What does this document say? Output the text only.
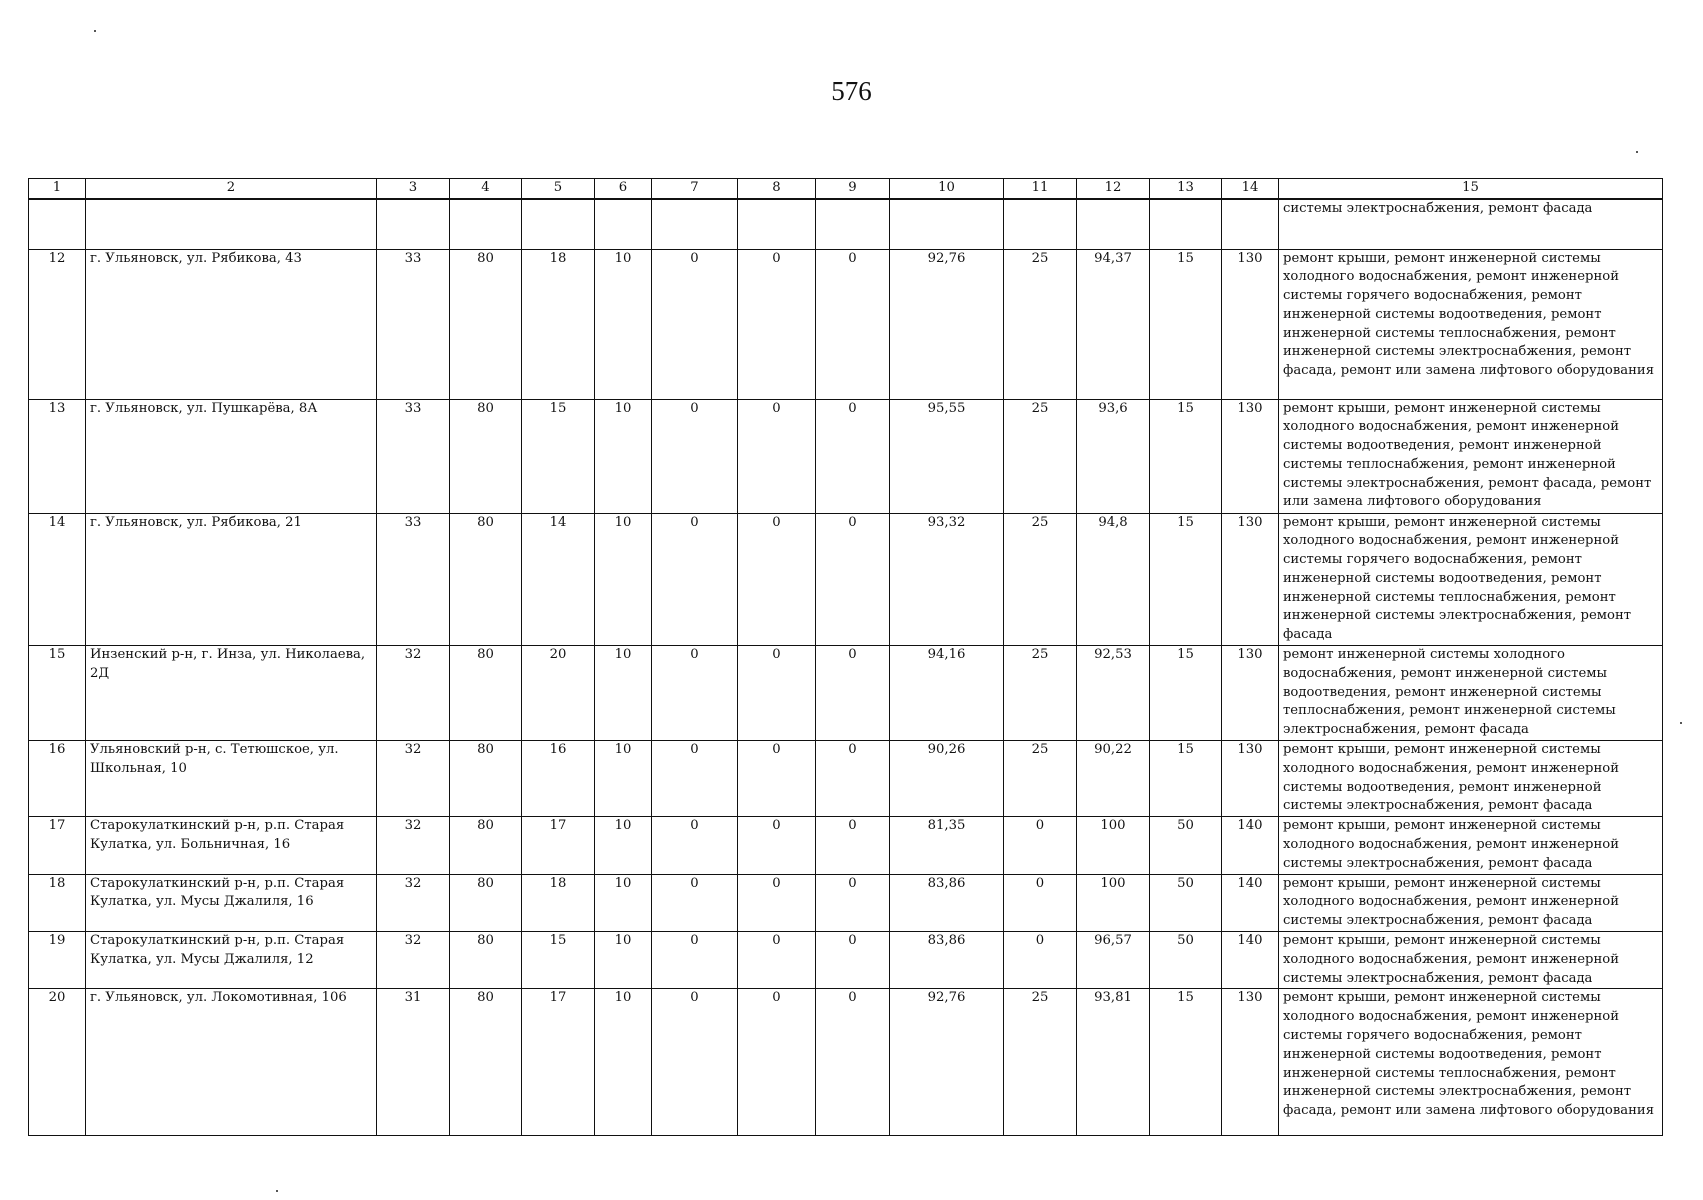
576
1	2	3	4	5	6	7	8	9	10	11	12	13	14	15
														системы электроснабжения, ремонт фасада
12	г. Ульяновск, ул. Рябикова, 43	33	80	18	10	0	0	0	92,76	25	94,37	15	130	ремонт крыши, ремонт инженерной системы холодного водоснабжения, ремонт инженерной системы горячего водоснабжения, ремонт инженерной системы водоотведения, ремонт инженерной системы теплоснабжения, ремонт инженерной системы электроснабжения, ремонт фасада, ремонт или замена лифтового оборудования
13	г. Ульяновск, ул. Пушкарёва, 8А	33	80	15	10	0	0	0	95,55	25	93,6	15	130	ремонт крыши, ремонт инженерной системы холодного водоснабжения, ремонт инженерной системы водоотведения, ремонт инженерной системы теплоснабжения, ремонт инженерной системы электроснабжения, ремонт фасада, ремонт или замена лифтового оборудования
14	г. Ульяновск, ул. Рябикова, 21	33	80	14	10	0	0	0	93,32	25	94,8	15	130	ремонт крыши, ремонт инженерной системы холодного водоснабжения, ремонт инженерной системы горячего водоснабжения, ремонт инженерной системы водоотведения, ремонт инженерной системы теплоснабжения, ремонт инженерной системы электроснабжения, ремонт фасада
15	Инзенский р-н, г. Инза, ул. Николаева, 2Д	32	80	20	10	0	0	0	94,16	25	92,53	15	130	ремонт инженерной системы холодного водоснабжения, ремонт инженерной системы водоотведения, ремонт инженерной системы теплоснабжения, ремонт инженерной системы электроснабжения, ремонт фасада
16	Ульяновский р-н, с. Тетюшское, ул. Школьная, 10	32	80	16	10	0	0	0	90,26	25	90,22	15	130	ремонт крыши, ремонт инженерной системы холодного водоснабжения, ремонт инженерной системы водоотведения, ремонт инженерной системы электроснабжения, ремонт фасада
17	Старокулаткинский р-н, р.п. Старая Кулатка, ул. Больничная, 16	32	80	17	10	0	0	0	81,35	0	100	50	140	ремонт крыши, ремонт инженерной системы холодного водоснабжения, ремонт инженерной системы электроснабжения, ремонт фасада
18	Старокулаткинский р-н, р.п. Старая Кулатка, ул. Мусы Джалиля, 16	32	80	18	10	0	0	0	83,86	0	100	50	140	ремонт крыши, ремонт инженерной системы холодного водоснабжения, ремонт инженерной системы электроснабжения, ремонт фасада
19	Старокулаткинский р-н, р.п. Старая Кулатка, ул. Мусы Джалиля, 12	32	80	15	10	0	0	0	83,86	0	96,57	50	140	ремонт крыши, ремонт инженерной системы холодного водоснабжения, ремонт инженерной системы электроснабжения, ремонт фасада
20	г. Ульяновск, ул. Локомотивная, 106	31	80	17	10	0	0	0	92,76	25	93,81	15	130	ремонт крыши, ремонт инженерной системы холодного водоснабжения, ремонт инженерной системы горячего водоснабжения, ремонт инженерной системы водоотведения, ремонт инженерной системы теплоснабжения, ремонт инженерной системы электроснабжения, ремонт фасада, ремонт или замена лифтового оборудования
